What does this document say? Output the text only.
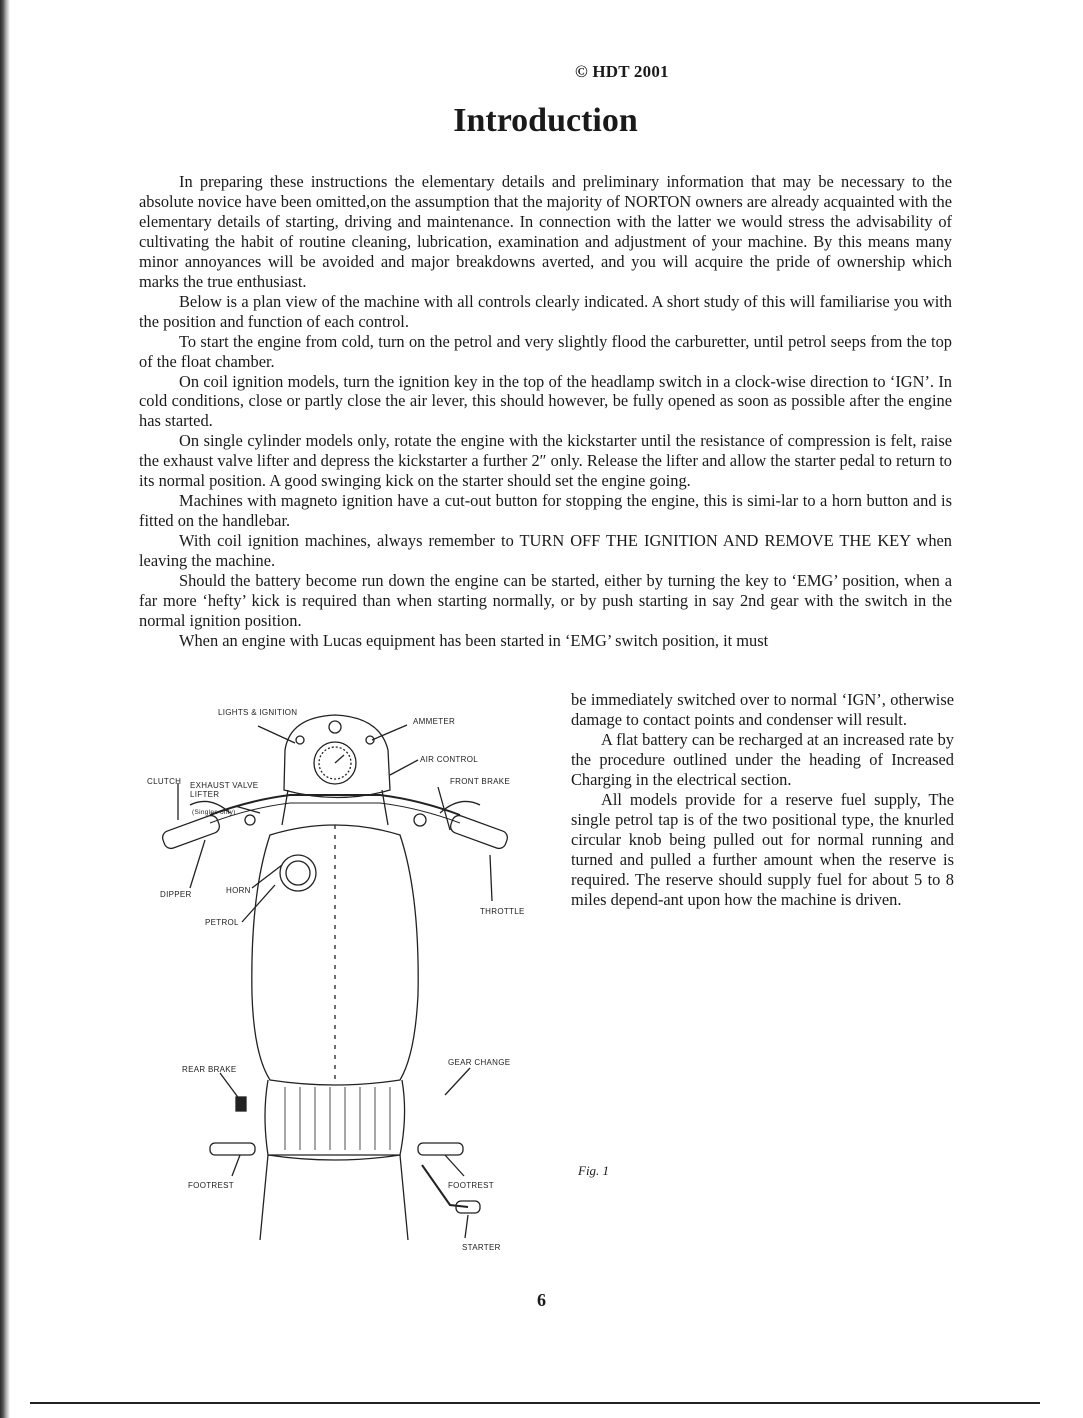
© HDT 2001
Introduction

In preparing these instructions the elementary details and preliminary information that may be necessary to the absolute novice have been omitted,on the assumption that the majority of NORTON owners are already acquainted with the elementary details of starting, driving and maintenance. In connection with the latter we would stress the advisability of cultivating the habit of routine cleaning, lubrication, examination and adjustment of your machine. By this means many minor annoyances will be avoided and major breakdowns averted, and you will acquire the pride of ownership which marks the true enthusiast.

Below is a plan view of the machine with all controls clearly indicated. A short study of this will familiarise you with the position and function of each control.

To start the engine from cold, turn on the petrol and very slightly flood the carburetter, until petrol seeps from the top of the float chamber.

On coil ignition models, turn the ignition key in the top of the headlamp switch in a clock-wise direction to ‘IGN’. In cold conditions, close or partly close the air lever, this should however, be fully opened as soon as possible after the engine has started.

On single cylinder models only, rotate the engine with the kickstarter until the resistance of compression is felt, raise the exhaust valve lifter and depress the kickstarter a further 2″ only. Release the lifter and allow the starter pedal to return to its normal position. A good swinging kick on the starter should set the engine going.

Machines with magneto ignition have a cut-out button for stopping the engine, this is simi-lar to a horn button and is fitted on the handlebar.

With coil ignition machines, always remember to TURN OFF THE IGNITION AND REMOVE THE KEY when leaving the machine.

Should the battery become run down the engine can be started, either by turning the key to ‘EMG’ position, when a far more ‘hefty’ kick is required than when starting normally, or by push starting in say 2nd gear with the switch in the normal ignition position.

When an engine with Lucas equipment has been started in ‘EMG’ switch position, it must

be immediately switched over to normal ‘IGN’, otherwise damage to contact points and condenser will result.

A flat battery can be recharged at an increased rate by the procedure outlined under the heading of Increased Charging in the electrical section.

All models provide for a reserve fuel supply, The single petrol tap is of the two positional type, the knurled circular knob being pulled out for normal running and turned and pulled a further amount when the reserve is required. The reserve should supply fuel for about 5 to 8 miles depend-ant upon how the machine is driven.

LIGHTS & IGNITION
AMMETER
AIR CONTROL
CLUTCH EXHAUST VALVE LIFTER
(Singles only)
FRONT BRAKE
DIPPER	HORN
PETROL
THROTTLE
REAR BRAKE
GEAR CHANGE
FOOTREST	FOOTREST
STARTER
Fig. 1
6
